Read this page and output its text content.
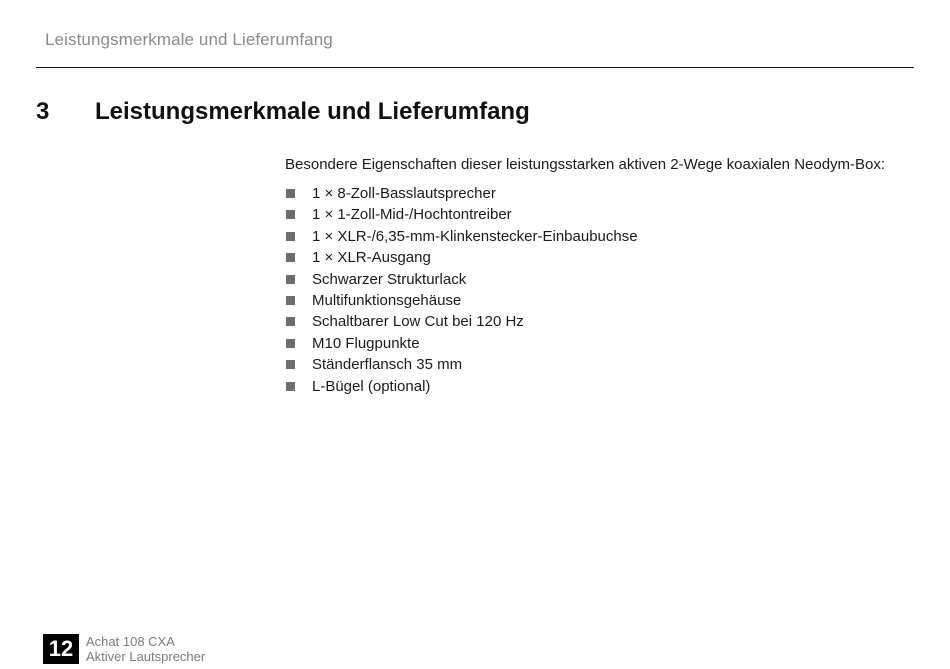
Leistungsmerkmale und Lieferumfang
3 Leistungsmerkmale und Lieferumfang

Besondere Eigenschaften dieser leistungsstarken aktiven 2-Wege koaxialen Neodym-Box:

1 × 8-Zoll-Basslautsprecher
1 × 1-Zoll-Mid-/Hochtontreiber
1 × XLR-/6,35-mm-Klinkenstecker-Einbaubuchse
1 × XLR-Ausgang
Schwarzer Strukturlack
Multifunktionsgehäuse
Schaltbarer Low Cut bei 120 Hz
M10 Flugpunkte
Ständerflansch 35 mm
L-Bügel (optional)
12 Achat 108 CXA
Aktiver Lautsprecher
